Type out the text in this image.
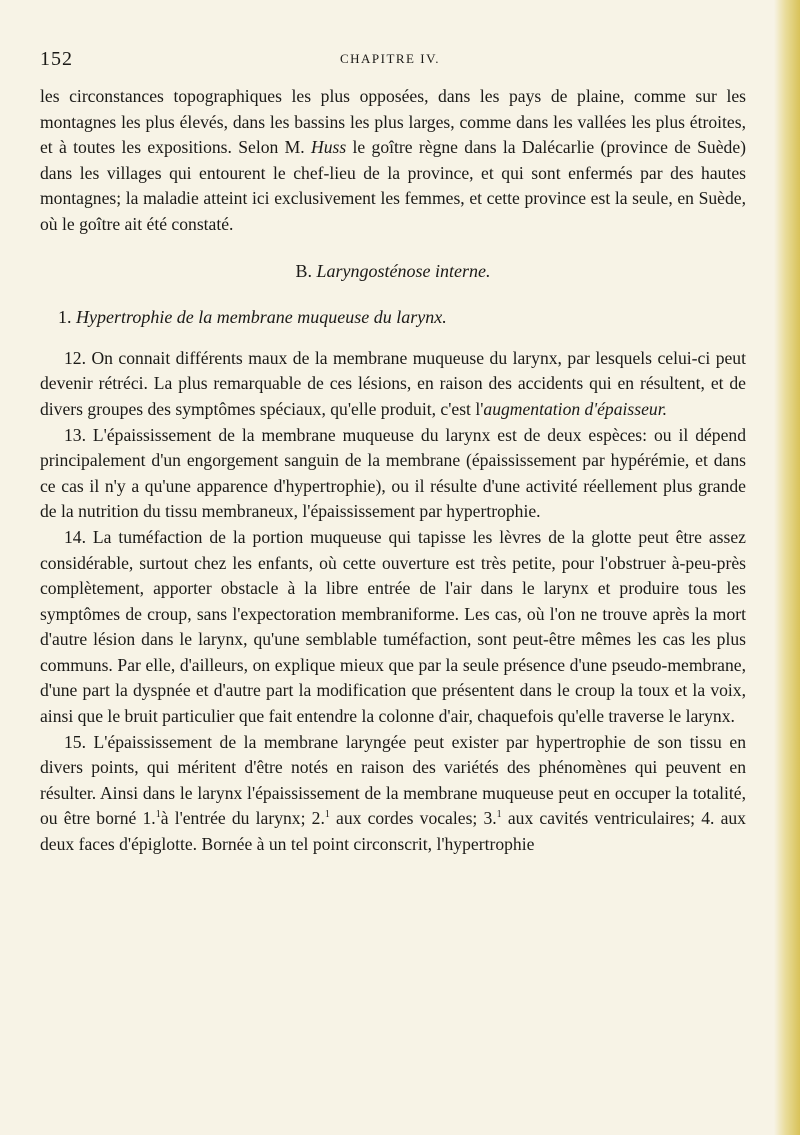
152	CHAPITRE IV.

les circonstances topographiques les plus opposées, dans les pays de plaine, comme sur les montagnes les plus élevés, dans les bassins les plus larges, comme dans les vallées les plus étroites, et à toutes les expositions. Selon M. Huss le goître règne dans la Dalécarlie (province de Suède) dans les villages qui entourent le chef-lieu de la province, et qui sont enfermés par des hautes montagnes; la maladie atteint ici exclusivement les femmes, et cette province est la seule, en Suède, où le goître ait été constaté.

B. Laryngosténose interne.

1. Hypertrophie de la membrane muqueuse du larynx.

12. On connait différents maux de la membrane muqueuse du larynx, par lesquels celui-ci peut devenir rétréci. La plus remarquable de ces lésions, en raison des accidents qui en résultent, et de divers groupes des symptômes spéciaux, qu'elle produit, c'est l'augmentation d'épaisseur.

13. L'épaississement de la membrane muqueuse du larynx est de deux espèces: ou il dépend principalement d'un engorgement sanguin de la membrane (épaississement par hypérémie, et dans ce cas il n'y a qu'une apparence d'hypertrophie), ou il résulte d'une activité réellement plus grande de la nutrition du tissu membraneux, l'épaississement par hypertrophie.

14. La tuméfaction de la portion muqueuse qui tapisse les lèvres de la glotte peut être assez considérable, surtout chez les enfants, où cette ouverture est très petite, pour l'obstruer à-peu-près complètement, apporter obstacle à la libre entrée de l'air dans le larynx et produire tous les symptômes de croup, sans l'expectoration membraniforme. Les cas, où l'on ne trouve après la mort d'autre lésion dans le larynx, qu'une semblable tuméfaction, sont peut-être mêmes les cas les plus communs. Par elle, d'ailleurs, on explique mieux que par la seule présence d'une pseudo-membrane, d'une part la dyspnée et d'autre part la modification que présentent dans le croup la toux et la voix, ainsi que le bruit particulier que fait entendre la colonne d'air, chaquefois qu'elle traverse le larynx.

15. L'épaississement de la membrane laryngée peut exister par hypertrophie de son tissu en divers points, qui méritent d'être notés en raison des variétés des phénomènes qui peuvent en résulter. Ainsi dans le larynx l'épaississement de la membrane muqueuse peut en occuper la totalité, ou être borné 1.$^1$à l'entrée du larynx; 2.$^1$ aux cordes vocales; 3.$^1$ aux cavités ventriculaires; 4. aux deux faces d'épiglotte. Bornée à un tel point circonscrit, l'hypertrophie
